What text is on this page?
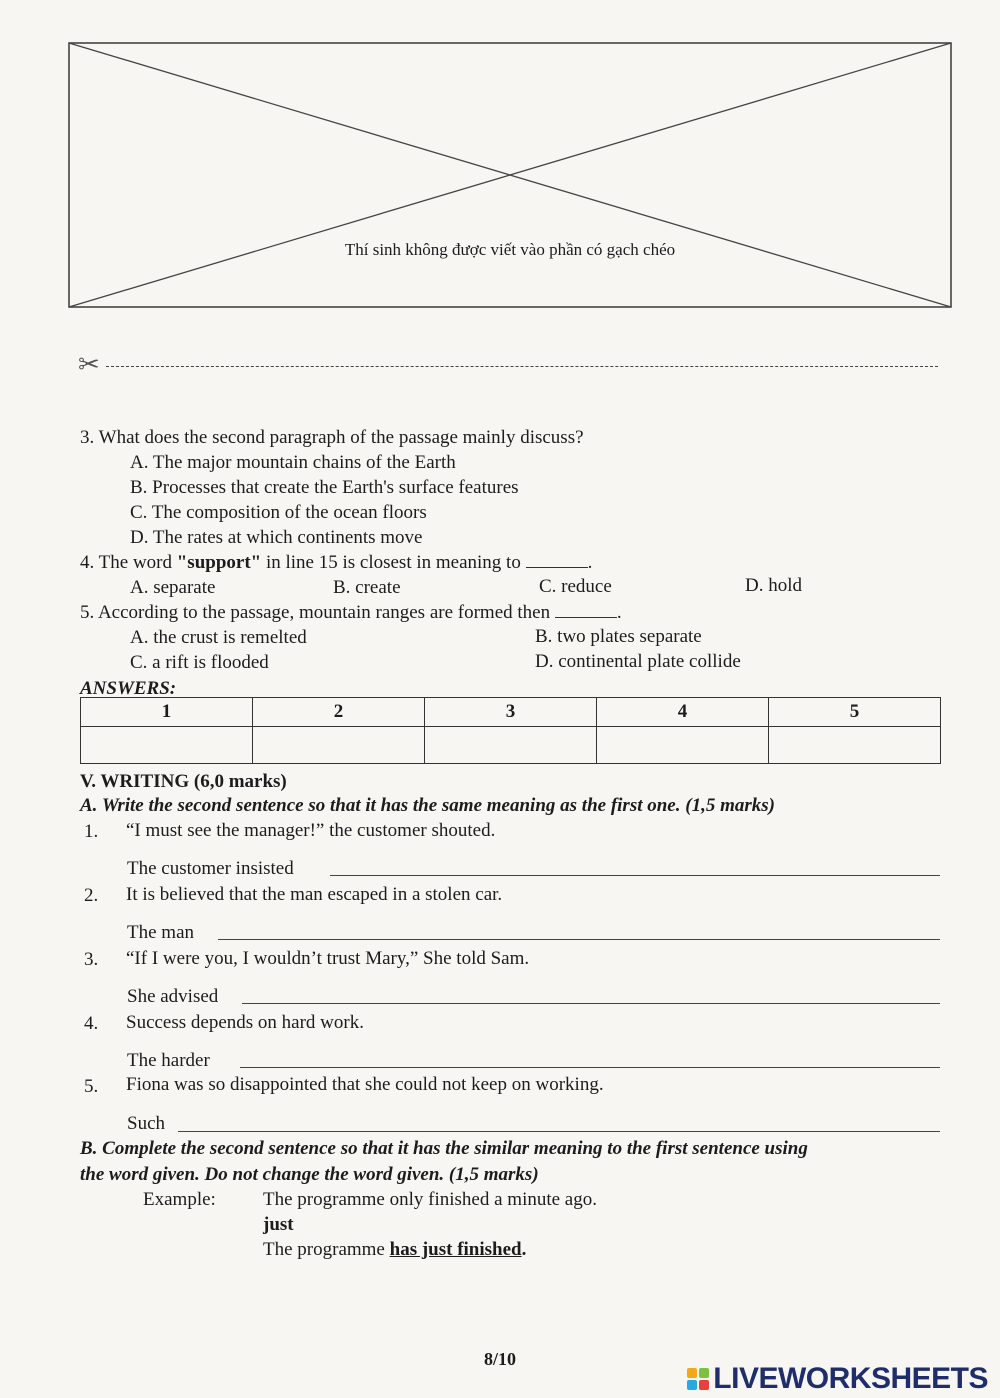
Thí sinh không được viết vào phần có gạch chéo
✂
3. What does the second paragraph of the passage mainly discuss?
A. The major mountain chains of the Earth
B. Processes that create the Earth's surface features
C. The composition of the ocean floors
D. The rates at which continents move
4. The word "support" in line 15 is closest in meaning to	.
A. separate	B. create	C. reduce	D. hold
5. According to the passage, mountain ranges are formed then	.
A. the crust is remelted	B. two plates separate
C. a rift is flooded	D. continental plate collide
ANSWERS:
1	2	3	4	5

V. WRITING (6,0 marks)
A. Write the second sentence so that it has the same meaning as the first one. (1,5 marks)
1. “I must see the manager!” the customer shouted.
The customer insisted
2. It is believed that the man escaped in a stolen car.
The man
3. “If I were you, I wouldn’t trust Mary,” She told Sam.
She advised
4. Success depends on hard work.
The harder
5. Fiona was so disappointed that she could not keep on working.
Such
B. Complete the second sentence so that it has the similar meaning to the first sentence using
the word given. Do not change the word given. (1,5 marks)
Example: The programme only finished a minute ago.
just
The programme has just finished.
8/10
LIVEWORKSHEETS
